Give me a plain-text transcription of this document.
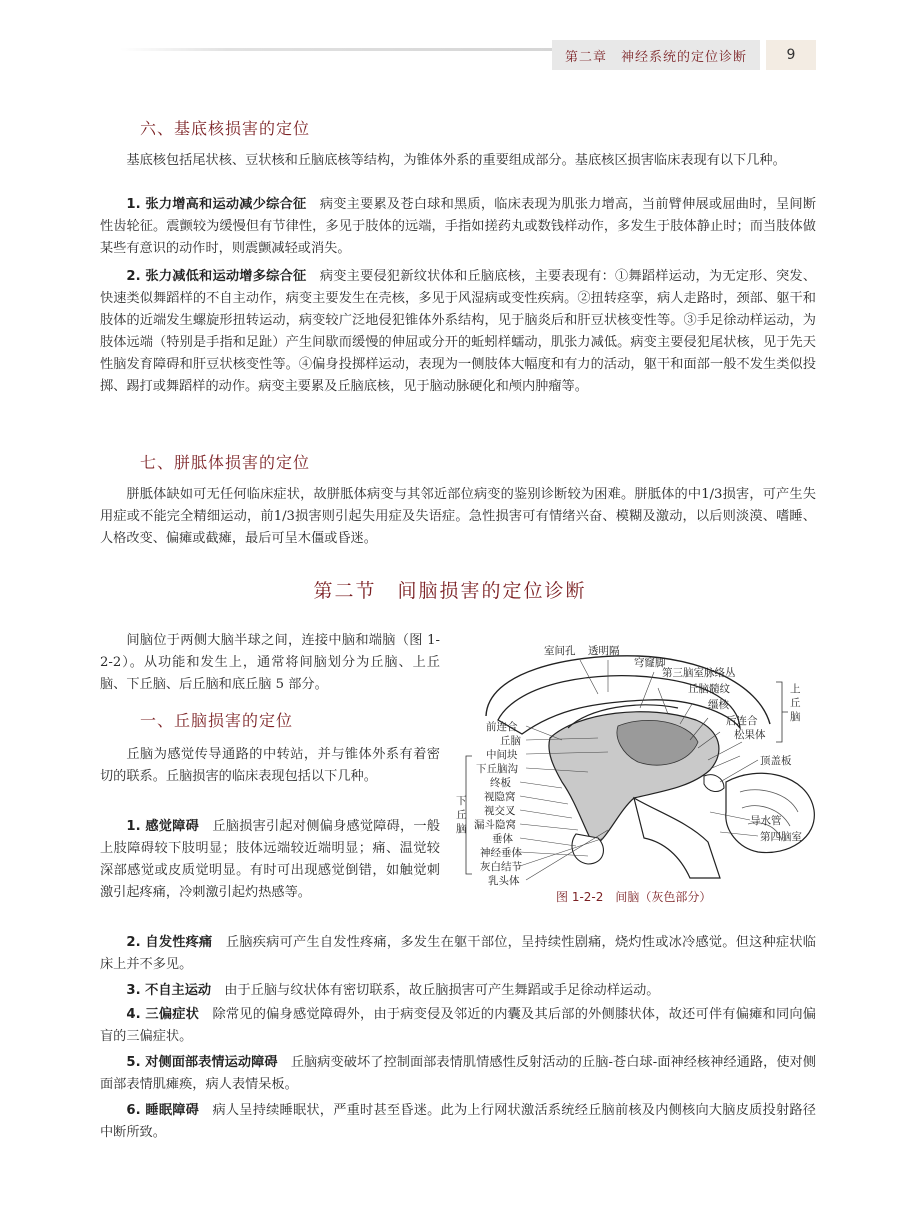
第二章　神经系统的定位诊断	9
六、基底核损害的定位
基底核包括尾状核、豆状核和丘脑底核等结构，为锥体外系的重要组成部分。基底核区损害临床表现有以下几种。
1. 张力增高和运动减少综合征　病变主要累及苍白球和黑质，临床表现为肌张力增高，当前臂伸展或屈曲时，呈间断性齿轮征。震颤较为缓慢但有节律性，多见于肢体的远端，手指如搓药丸或数钱样动作，多发生于肢体静止时；而当肢体做某些有意识的动作时，则震颤减轻或消失。
2. 张力减低和运动增多综合征　病变主要侵犯新纹状体和丘脑底核，主要表现有：①舞蹈样运动，为无定形、突发、快速类似舞蹈样的不自主动作，病变主要发生在壳核，多见于风湿病或变性疾病。②扭转痉挛，病人走路时，颈部、躯干和肢体的近端发生螺旋形扭转运动，病变较广泛地侵犯锥体外系结构，见于脑炎后和肝豆状核变性等。③手足徐动样运动，为肢体远端（特别是手指和足趾）产生间歇而缓慢的伸屈或分开的蚯蚓样蠕动，肌张力减低。病变主要侵犯尾状核，见于先天性脑发育障碍和肝豆状核变性等。④偏身投掷样运动，表现为一侧肢体大幅度和有力的活动，躯干和面部一般不发生类似投掷、踢打或舞蹈样的动作。病变主要累及丘脑底核，见于脑动脉硬化和颅内肿瘤等。
七、胼胝体损害的定位
胼胝体缺如可无任何临床症状，故胼胝体病变与其邻近部位病变的鉴别诊断较为困难。胼胝体的中1/3损害，可产生失用症或不能完全精细运动，前1/3损害则引起失用症及失语症。急性损害可有情绪兴奋、模糊及激动，以后则淡漠、嗜睡、人格改变、偏瘫或截瘫，最后可呈木僵或昏迷。
第二节　间脑损害的定位诊断
间脑位于两侧大脑半球之间，连接中脑和端脑（图 1-2-2）。从功能和发生上，通常将间脑划分为丘脑、上丘脑、下丘脑、后丘脑和底丘脑 5 部分。
一、丘脑损害的定位
丘脑为感觉传导通路的中转站，并与锥体外系有着密切的联系。丘脑损害的临床表现包括以下几种。
1. 感觉障碍　丘脑损害引起对侧偏身感觉障碍，一般上肢障碍较下肢明显；肢体远端较近端明显；痛、温觉较深部感觉或皮质觉明显。有时可出现感觉倒错，如触觉刺激引起疼痛，冷刺激引起灼热感等。
室间孔 透明隔
穹窿脚
第三脑室脉络丛
丘脑髓纹
缰核
后连合
松果体
上
丘
脑
前连合
丘脑
中间块
下丘脑沟
终板
视隐窝
视交叉
漏斗隐窝
垂体
神经垂体
灰白结节
乳头体
下
丘
脑
顶盖板
导水管
第四脑室
图 1-2-2　间脑（灰色部分）
2. 自发性疼痛　丘脑疾病可产生自发性疼痛，多发生在躯干部位，呈持续性剧痛，烧灼性或冰冷感觉。但这种症状临床上并不多见。
3. 不自主运动　由于丘脑与纹状体有密切联系，故丘脑损害可产生舞蹈或手足徐动样运动。
4. 三偏症状　除常见的偏身感觉障碍外，由于病变侵及邻近的内囊及其后部的外侧膝状体，故还可伴有偏瘫和同向偏盲的三偏症状。
5. 对侧面部表情运动障碍　丘脑病变破坏了控制面部表情肌情感性反射活动的丘脑-苍白球-面神经核神经通路，使对侧面部表情肌瘫痪，病人表情呆板。
6. 睡眠障碍　病人呈持续睡眠状，严重时甚至昏迷。此为上行网状激活系统经丘脑前核及内侧核向大脑皮质投射路径中断所致。
